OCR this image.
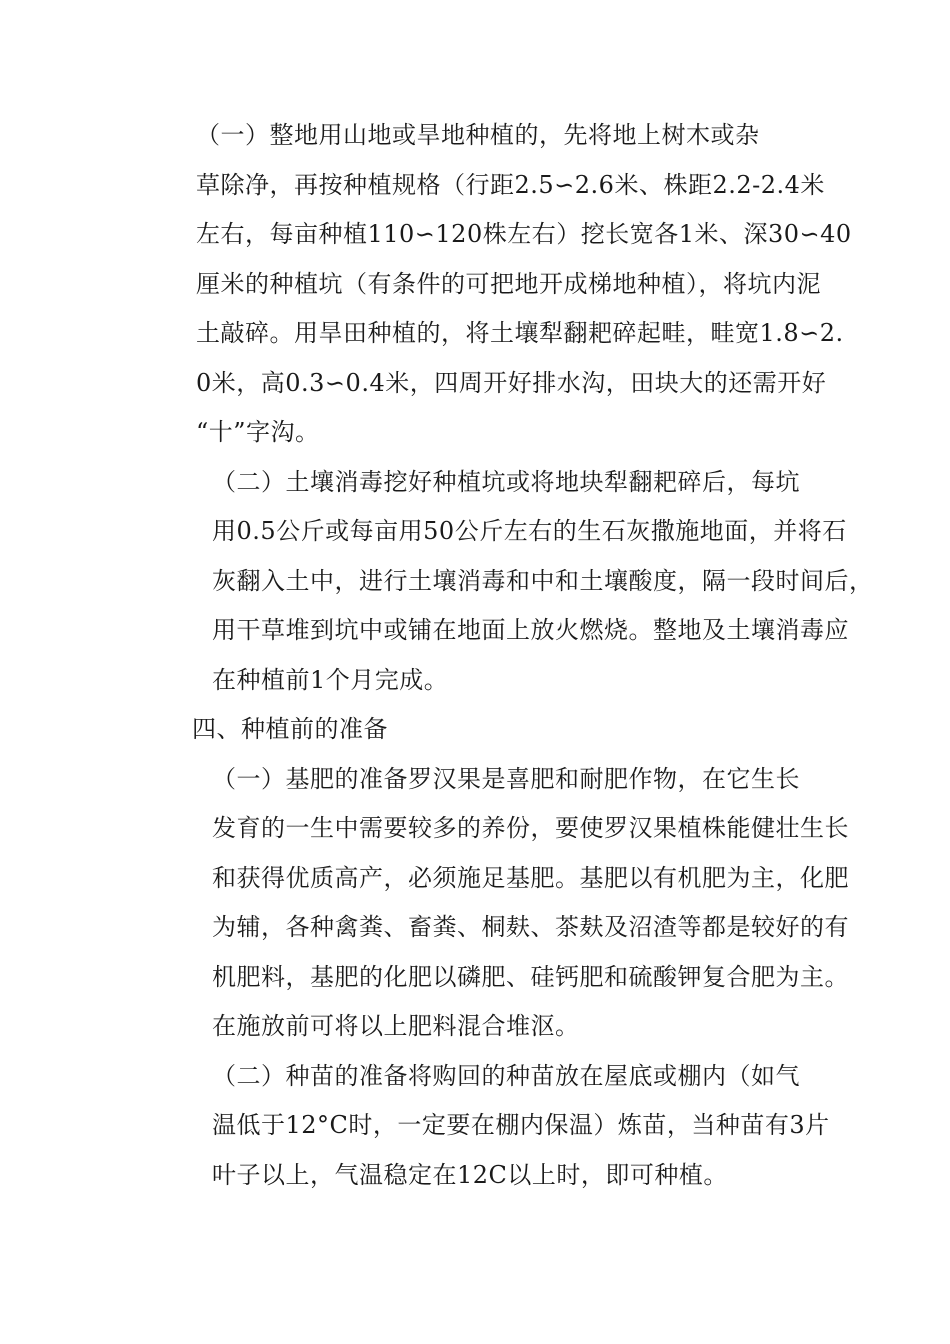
（一）整地用山地或旱地种植的，先将地上树木或杂
草除净，再按种植规格（行距2.5∽2.6米、株距2.2-2.4米
左右，每亩种植110∽120株左右）挖长宽各1米、深30∽40
厘米的种植坑（有条件的可把地开成梯地种植），将坑内泥
土敲碎。用旱田种植的，将土壤犁翻耙碎起畦，畦宽1.8∽2.
0米，高0.3∽0.4米，四周开好排水沟，田块大的还需开好
“十”字沟。

（二）土壤消毒挖好种植坑或将地块犁翻耙碎后，每坑
用0.5公斤或每亩用50公斤左右的生石灰撒施地面，并将石
灰翻入土中，进行土壤消毒和中和土壤酸度，隔一段时间后，
用干草堆到坑中或铺在地面上放火燃烧。整地及土壤消毒应
在种植前1个月完成。

四、种植前的准备

（一）基肥的准备罗汉果是喜肥和耐肥作物，在它生长
发育的一生中需要较多的养份，要使罗汉果植株能健壮生长
和获得优质高产，必须施足基肥。基肥以有机肥为主，化肥
为辅，各种禽粪、畜粪、桐麸、茶麸及沼渣等都是较好的有
机肥料，基肥的化肥以磷肥、硅钙肥和硫酸钾复合肥为主。
在施放前可将以上肥料混合堆沤。

（二）种苗的准备将购回的种苗放在屋底或棚内（如气
温低于12°C时，一定要在棚内保温）炼苗，当种苗有3片
叶子以上，气温稳定在12C以上时，即可种植。
